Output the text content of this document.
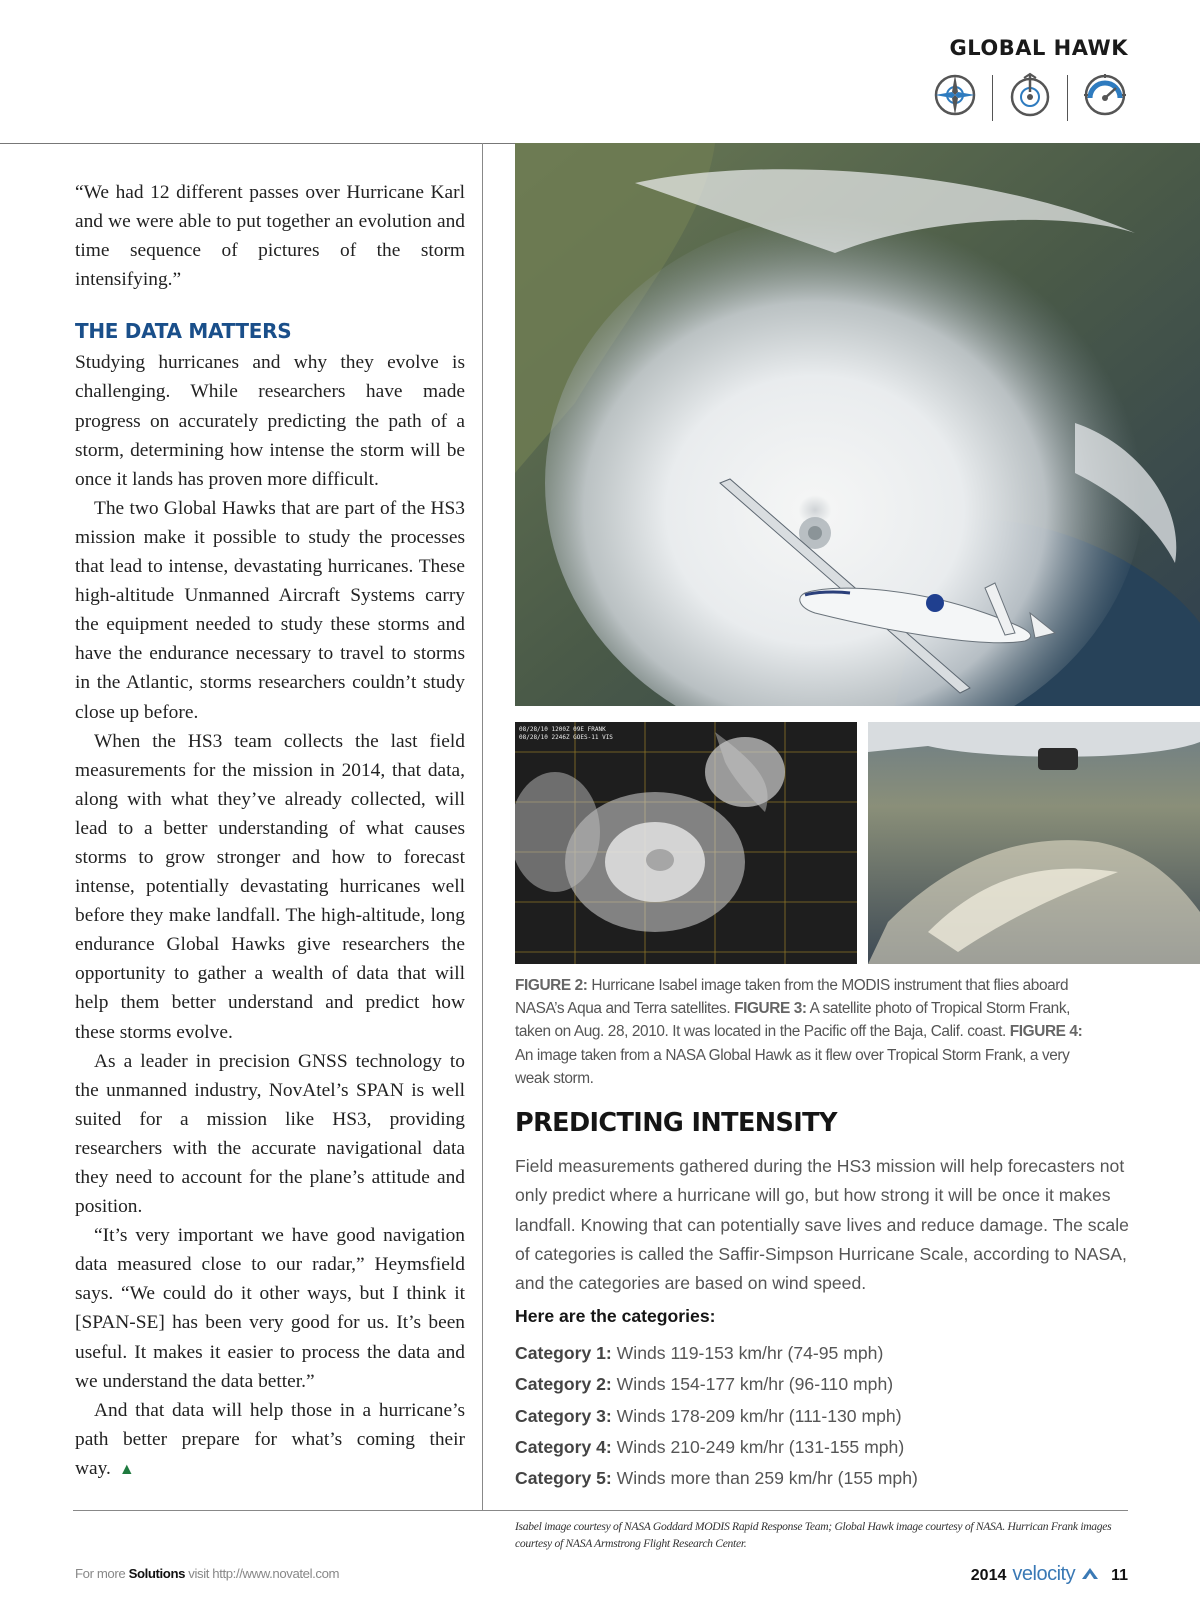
GLOBAL HAWK

“We had 12 different passes over Hurricane Karl and we were able to put together an evolution and time sequence of pictures of the storm intensifying.”

THE DATA MATTERS

Studying hurricanes and why they evolve is challenging. While researchers have made progress on accurately predicting the path of a storm, determining how intense the storm will be once it lands has proven more difficult.

The two Global Hawks that are part of the HS3 mission make it possible to study the processes that lead to intense, devastating hurricanes. These high-altitude Unmanned Aircraft Systems carry the equipment needed to study these storms and have the endurance necessary to travel to storms in the Atlantic, storms researchers couldn’t study close up before.

When the HS3 team collects the last field measurements for the mission in 2014, that data, along with what they’ve already collected, will lead to a better understanding of what causes storms to grow stronger and how to forecast intense, potentially devastating hurricanes well before they make landfall. The high-altitude, long endurance Global Hawks give researchers the opportunity to gather a wealth of data that will help them better understand and predict how these storms evolve.

As a leader in precision GNSS technology to the unmanned industry, NovAtel’s SPAN is well suited for a mission like HS3, providing researchers with the accurate navigational data they need to account for the plane’s attitude and position.

“It’s very important we have good navigation data measured close to our radar,” Heymsfield says. “We could do it other ways, but I think it [SPAN-SE] has been very good for us. It’s been useful. It makes it easier to process the data and we understand the data better.”

And that data will help those in a hurricane’s path better prepare for what’s coming their way. ▲

08/28/10 1200Z 09E FRANK
08/28/10 2246Z GOES-11 VIS
FIGURE 2: Hurricane Isabel image taken from the MODIS instrument that flies aboard NASA’s Aqua and Terra satellites. FIGURE 3: A satellite photo of Tropical Storm Frank, taken on Aug. 28, 2010. It was located in the Pacific off the Baja, Calif. coast. FIGURE 4: An image taken from a NASA Global Hawk as it flew over Tropical Storm Frank, a very weak storm.
PREDICTING INTENSITY

Field measurements gathered during the HS3 mission will help forecasters not only predict where a hurricane will go, but how strong it will be once it makes landfall. Knowing that can potentially save lives and reduce damage. The scale of categories is called the Saffir-Simpson Hurricane Scale, according to NASA, and the categories are based on wind speed.

Here are the categories:
Category 1: Winds 119-153 km/hr (74-95 mph)
Category 2: Winds 154-177 km/hr (96-110 mph)
Category 3: Winds 178-209 km/hr (111-130 mph)
Category 4: Winds 210-249 km/hr (131-155 mph)
Category 5: Winds more than 259 km/hr (155 mph)
Isabel image courtesy of NASA Goddard MODIS Rapid Response Team; Global Hawk image courtesy of NASA. Hurrican Frank images courtesy of NASA Armstrong Flight Research Center.
For more Solutions visit http://www.novatel.com	2014 velocity 11
